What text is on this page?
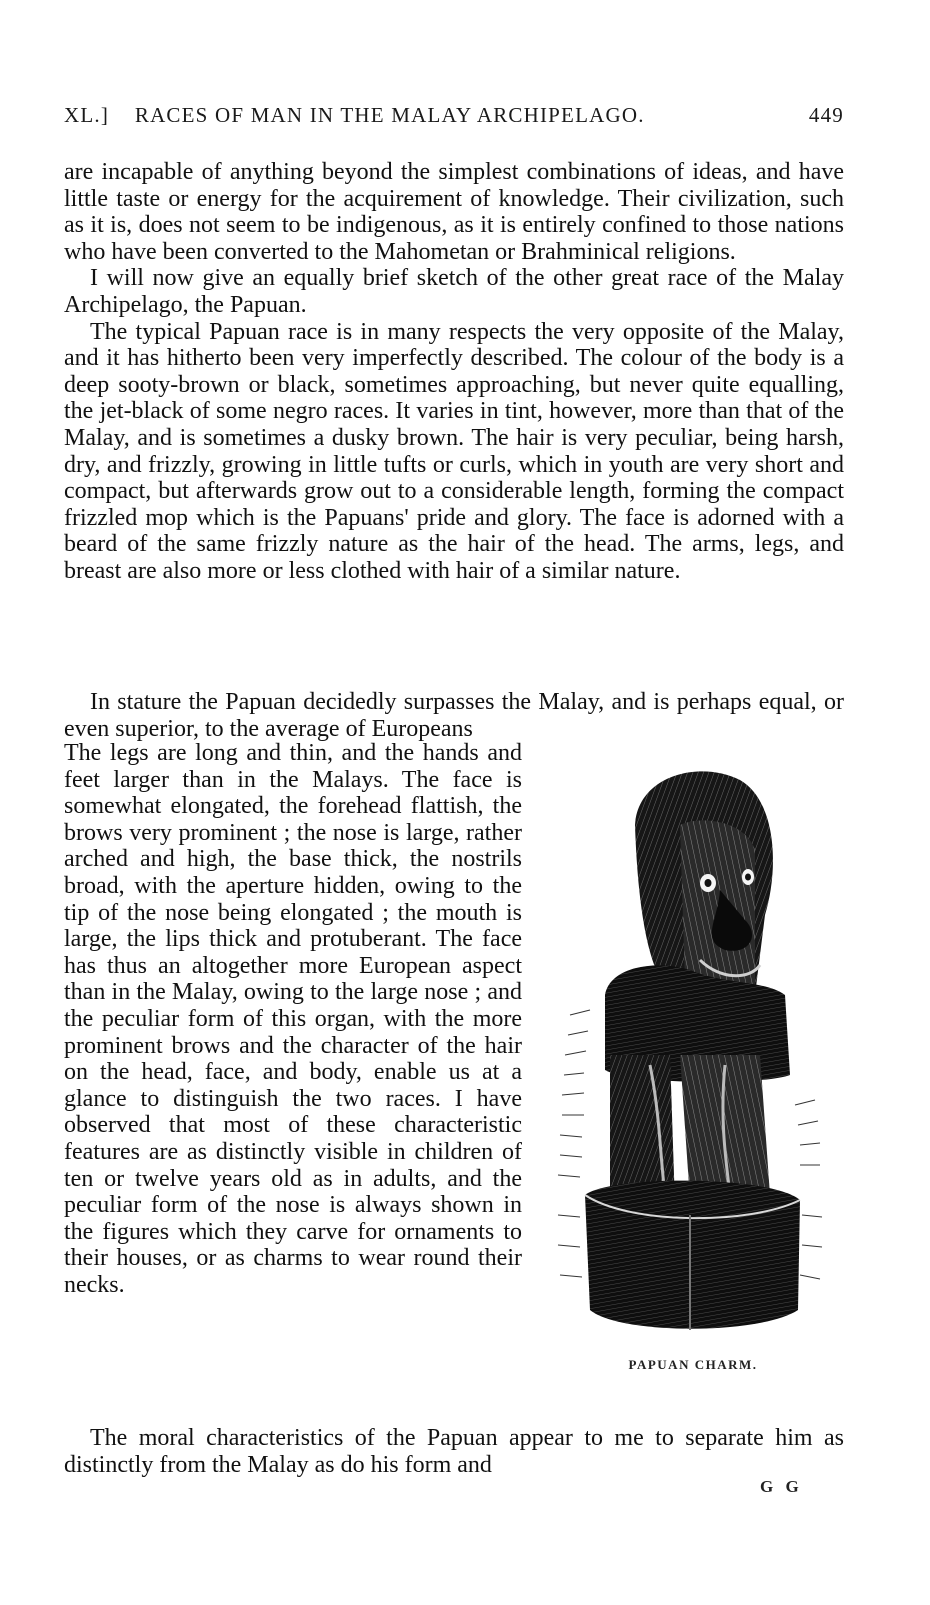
XL.] RACES OF MAN IN THE MALAY ARCHIPELAGO.	449

are incapable of anything beyond the simplest combinations of ideas, and have little taste or energy for the acquirement of knowledge. Their civilization, such as it is, does not seem to be indigenous, as it is entirely confined to those nations who have been converted to the Mahometan or Brahminical religions.

I will now give an equally brief sketch of the other great race of the Malay Archipelago, the Papuan.

The typical Papuan race is in many respects the very opposite of the Malay, and it has hitherto been very imperfectly described. The colour of the body is a deep sooty-brown or black, sometimes approaching, but never quite equalling, the jet-black of some negro races. It varies in tint, however, more than that of the Malay, and is sometimes a dusky brown. The hair is very peculiar, being harsh, dry, and frizzly, growing in little tufts or curls, which in youth are very short and compact, but afterwards grow out to a considerable length, forming the compact frizzled mop which is the Papuans' pride and glory. The face is adorned with a beard of the same frizzly nature as the hair of the head. The arms, legs, and breast are also more or less clothed with hair of a similar nature.

In stature the Papuan decidedly surpasses the Malay, and is perhaps equal, or even superior, to the average of Europeans

The legs are long and thin, and the hands and feet larger than in the Malays. The face is somewhat elongated, the forehead flattish, the brows very prominent ; the nose is large, rather arched and high, the base thick, the nostrils broad, with the aperture hidden, owing to the tip of the nose being elongated ; the mouth is large, the lips thick and protuberant. The face has thus an altogether more European aspect than in the Malay, owing to the large nose ; and the peculiar form of this organ, with the more prominent brows and the character of the hair on the head, face, and body, enable us at a glance to distinguish the two races. I have observed that most of these characteristic features are as distinctly visible in children of ten or twelve years old as in adults, and the peculiar form of the nose is always shown in the figures which they carve for ornaments to their houses, or as charms to wear round their necks.

PAPUAN CHARM.

The moral characteristics of the Papuan appear to me to separate him as distinctly from the Malay as do his form and

G G
